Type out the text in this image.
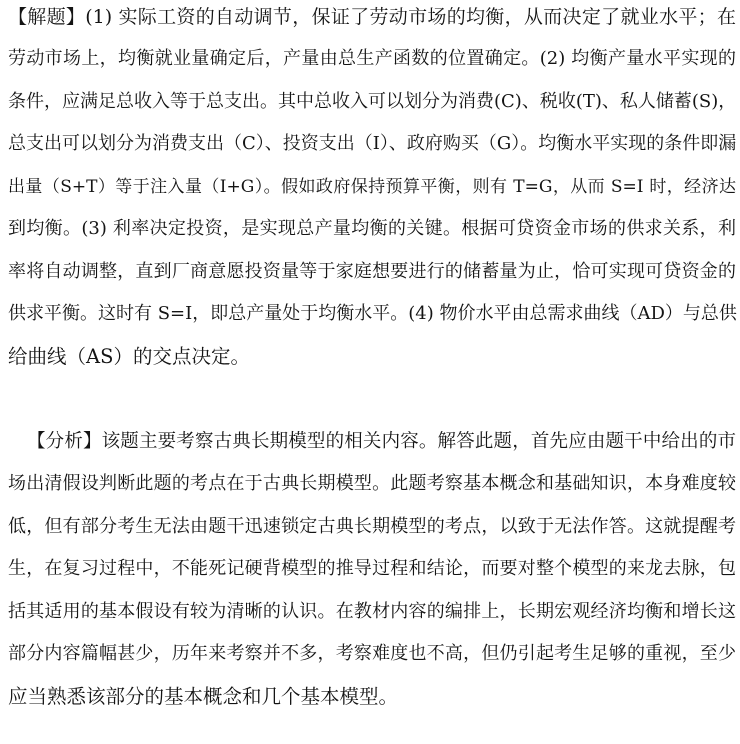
【解题】(1) 实际工资的自动调节，保证了劳动市场的均衡，从而决定了就业水平；在
劳动市场上，均衡就业量确定后，产量由总生产函数的位置确定。(2) 均衡产量水平实现的
条件，应满足总收入等于总支出。其中总收入可以划分为消费(C)、税收(T)、私人储蓄(S)，
总支出可以划分为消费支出（C）、投资支出（I）、政府购买（G）。均衡水平实现的条件即漏
出量（S+T）等于注入量（I+G）。假如政府保持预算平衡，则有 T=G，从而 S=I 时，经济达
到均衡。(3) 利率决定投资，是实现总产量均衡的关键。根据可贷资金市场的供求关系，利
率将自动调整，直到厂商意愿投资量等于家庭想要进行的储蓄量为止，恰可实现可贷资金的
供求平衡。这时有 S=I，即总产量处于均衡水平。(4) 物价水平由总需求曲线（AD）与总供
给曲线（AS）的交点决定。
【分析】该题主要考察古典长期模型的相关内容。解答此题，首先应由题干中给出的市
场出清假设判断此题的考点在于古典长期模型。此题考察基本概念和基础知识，本身难度较
低，但有部分考生无法由题干迅速锁定古典长期模型的考点，以致于无法作答。这就提醒考
生，在复习过程中，不能死记硬背模型的推导过程和结论，而要对整个模型的来龙去脉，包
括其适用的基本假设有较为清晰的认识。在教材内容的编排上，长期宏观经济均衡和增长这
部分内容篇幅甚少，历年来考察并不多，考察难度也不高，但仍引起考生足够的重视，至少
应当熟悉该部分的基本概念和几个基本模型。
